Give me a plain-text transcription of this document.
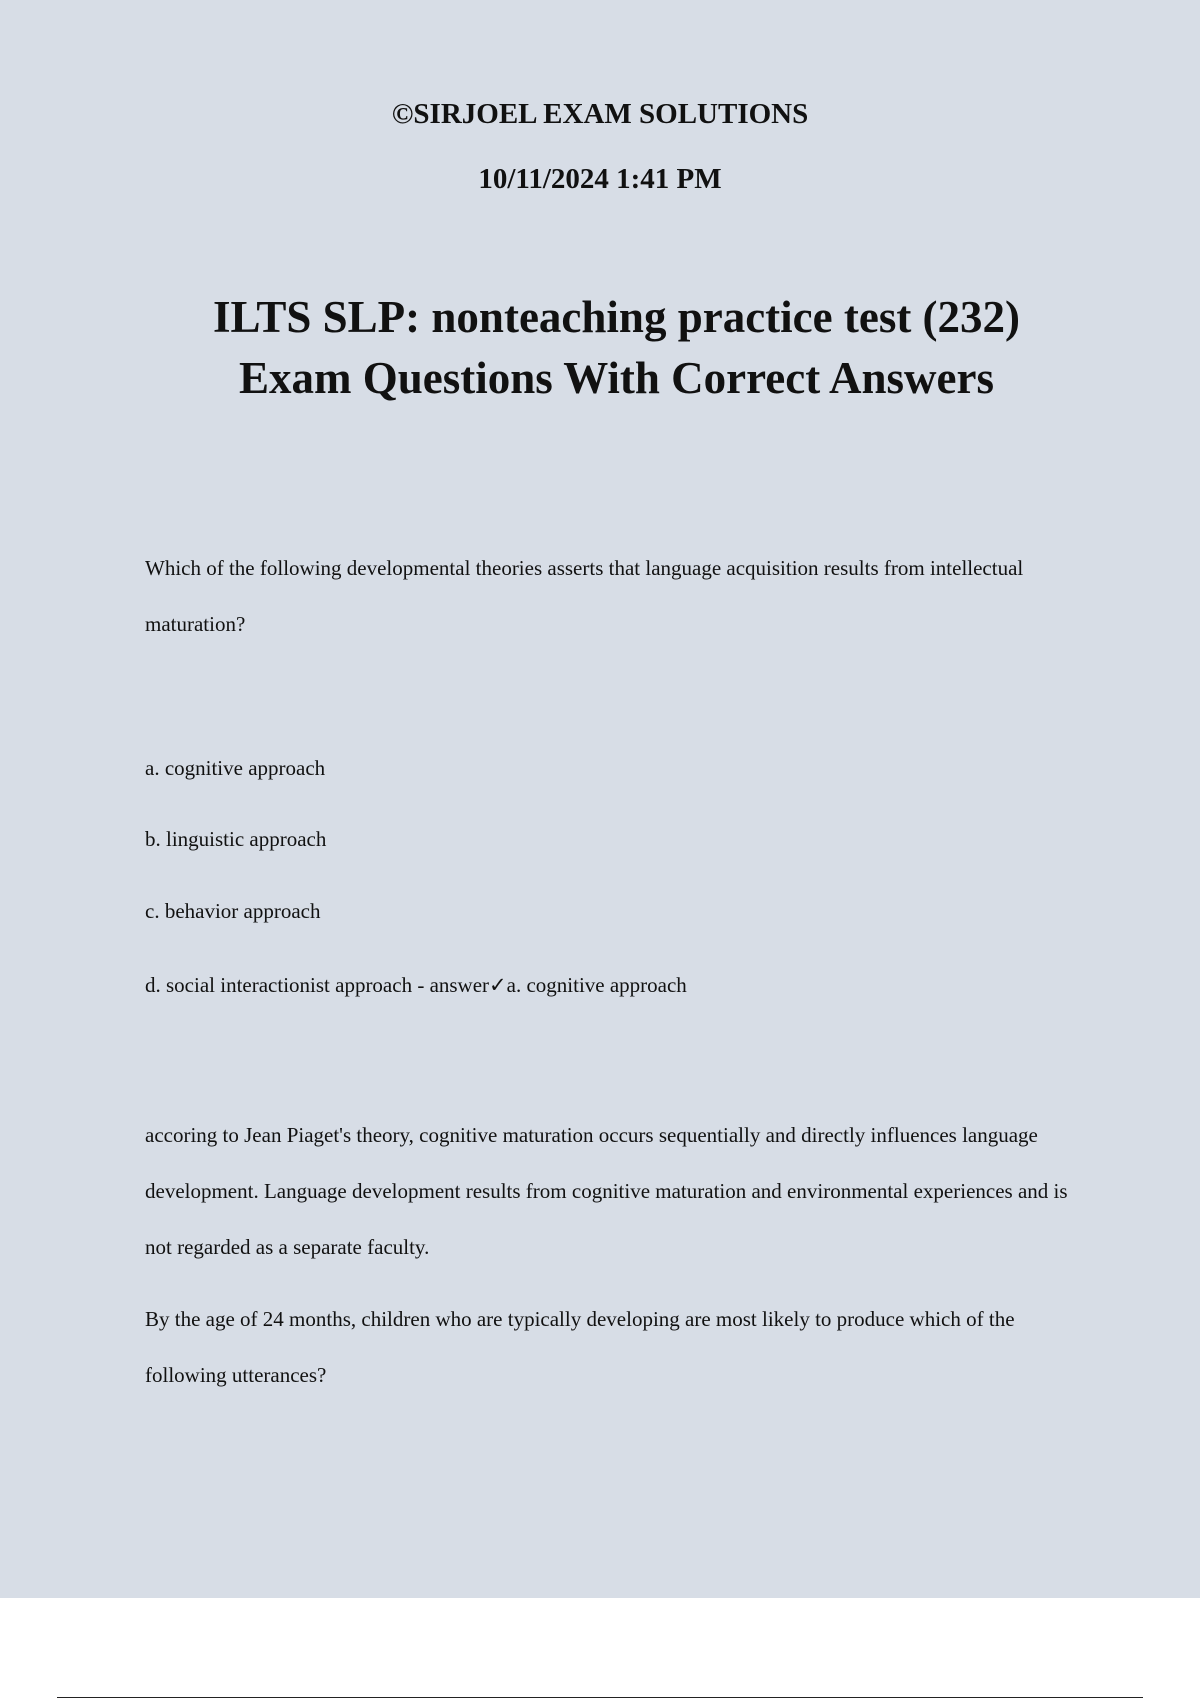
©SIRJOEL EXAM SOLUTIONS

10/11/2024 1:41 PM

ILTS SLP: nonteaching practice test (232)
Exam Questions With Correct Answers

Which of the following developmental theories asserts that language acquisition results from intellectual maturation?

a. cognitive approach

b. linguistic approach

c. behavior approach

d. social interactionist approach - answer✓a. cognitive approach

accoring to Jean Piaget's theory, cognitive maturation occurs sequentially and directly influences language development. Language development results from cognitive maturation and environmental experiences and is not regarded as a separate faculty.

By the age of 24 months, children who are typically developing are most likely to produce which of the following utterances?
